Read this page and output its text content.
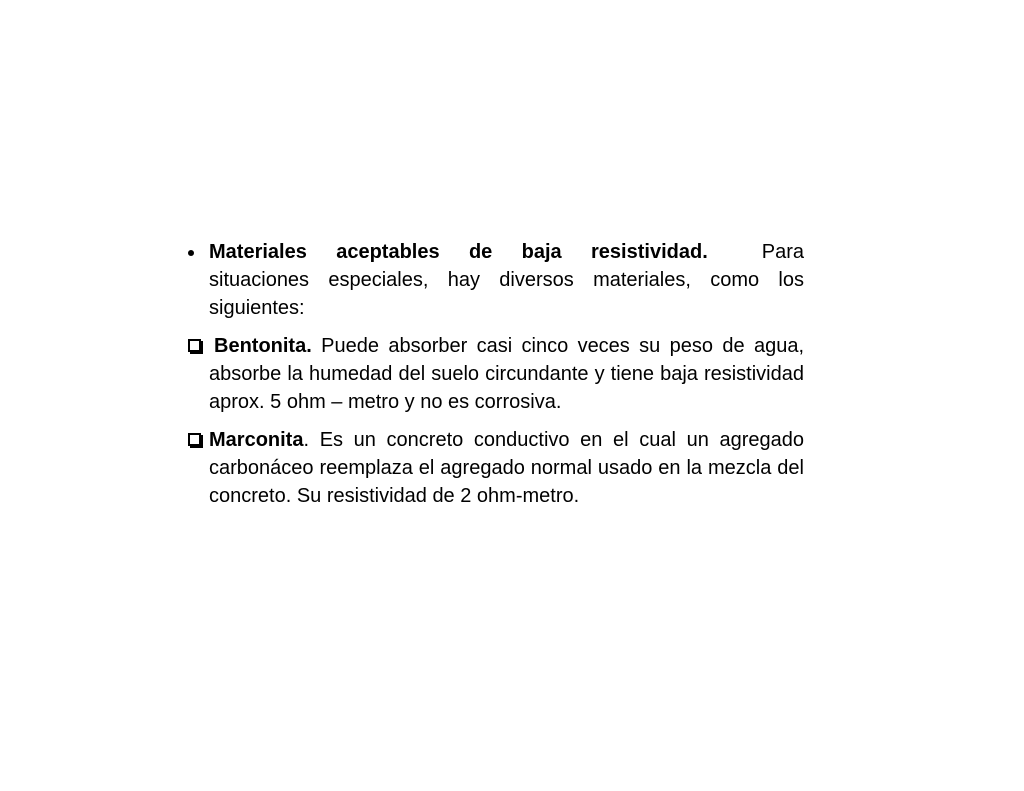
Materiales aceptables de baja resistividad.	Para situaciones especiales, hay diversos materiales, como los siguientes:
Bentonita. Puede absorber casi cinco veces su peso de agua, absorbe la humedad del suelo circundante y tiene baja resistividad aprox. 5 ohm – metro y no es corrosiva.
Marconita. Es un concreto conductivo en el cual un agregado carbonáceo reemplaza el agregado normal usado en la mezcla del concreto. Su resistividad de 2 ohm-metro.
